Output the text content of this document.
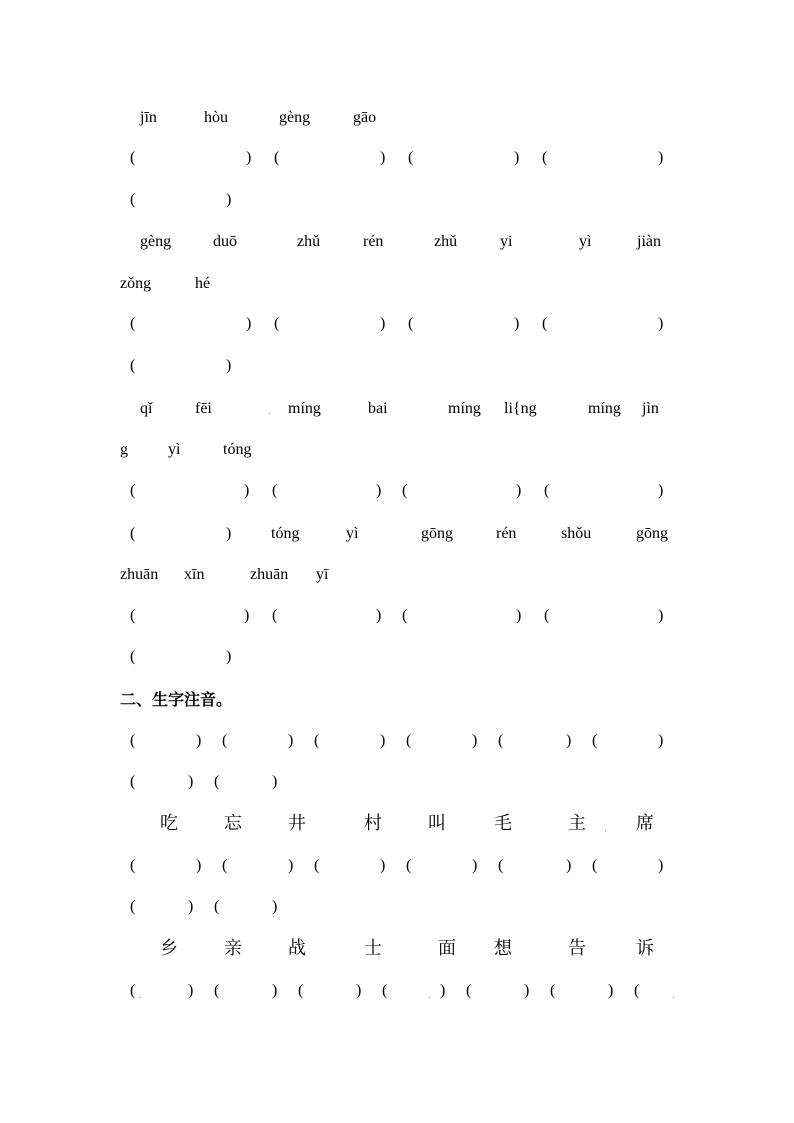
jīn	hòu	gèng	gāo
(	) (	) (	) (	)
(	)
gèng	duō	zhǔ	rén	zhǔ	yi	yì	jiàn
zǒng	hé
(	) (	) (	) (	)
(	)
qǐ	fēi	. míng	bai	míng li{ng	míng jìn
g	yì	tóng
(	) (	) (	) (	)
(	) tóng	yì	gōng	rén	shǒu	gōng
zhuān xīn	zhuān yī
(	) (	) (	) (	)
(	)
二、生字注音。
(	) (	) (	) (	) (	) (	)
(	) (	)
吃	忘	井	村	叫	毛	主 . 席
(	) (	) (	) (	) (	) (	)
(	) (	)
乡	亲	战	士	面 想	告	诉
( .	) (	) (	) (	. ) (	) (	) (	.
